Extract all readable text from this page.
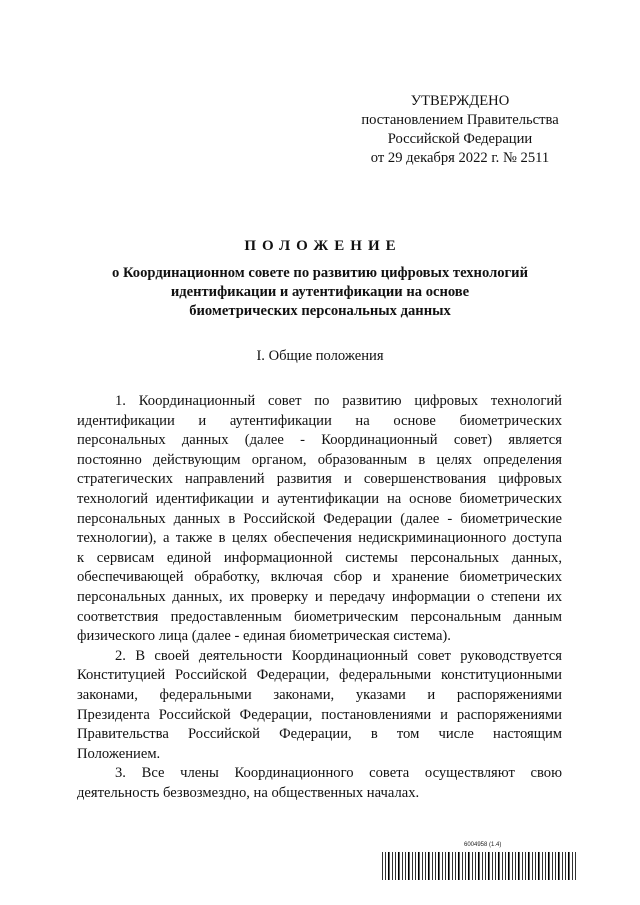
УТВЕРЖДЕНО
постановлением Правительства
Российской Федерации
от 29 декабря 2022 г. № 2511
ПОЛОЖЕНИЕ
о Координационном совете по развитию цифровых технологий
идентификации и аутентификации на основе
биометрических персональных данных
I. Общие положения
1. Координационный совет по развитию цифровых технологий
идентификации и аутентификации на основе биометрических
персональных данных (далее - Координационный совет) является
постоянно действующим органом, образованным в целях определения
стратегических направлений развития и совершенствования цифровых
технологий идентификации и аутентификации на основе биометрических
персональных данных в Российской Федерации (далее - биометрические
технологии), а также в целях обеспечения недискриминационного доступа
к сервисам единой информационной системы персональных данных,
обеспечивающей обработку, включая сбор и хранение биометрических
персональных данных, их проверку и передачу информации о степени их
соответствия предоставленным биометрическим персональным данным
физического лица (далее - единая биометрическая система).
2. В своей деятельности Координационный совет руководствуется
Конституцией Российской Федерации, федеральными конституционными
законами, федеральными законами, указами и распоряжениями
Президента Российской Федерации, постановлениями и распоряжениями
Правительства Российской Федерации, в том числе настоящим
Положением.
3. Все члены Координационного совета осуществляют свою
деятельность безвозмездно, на общественных началах.
6004958 (1.4)
